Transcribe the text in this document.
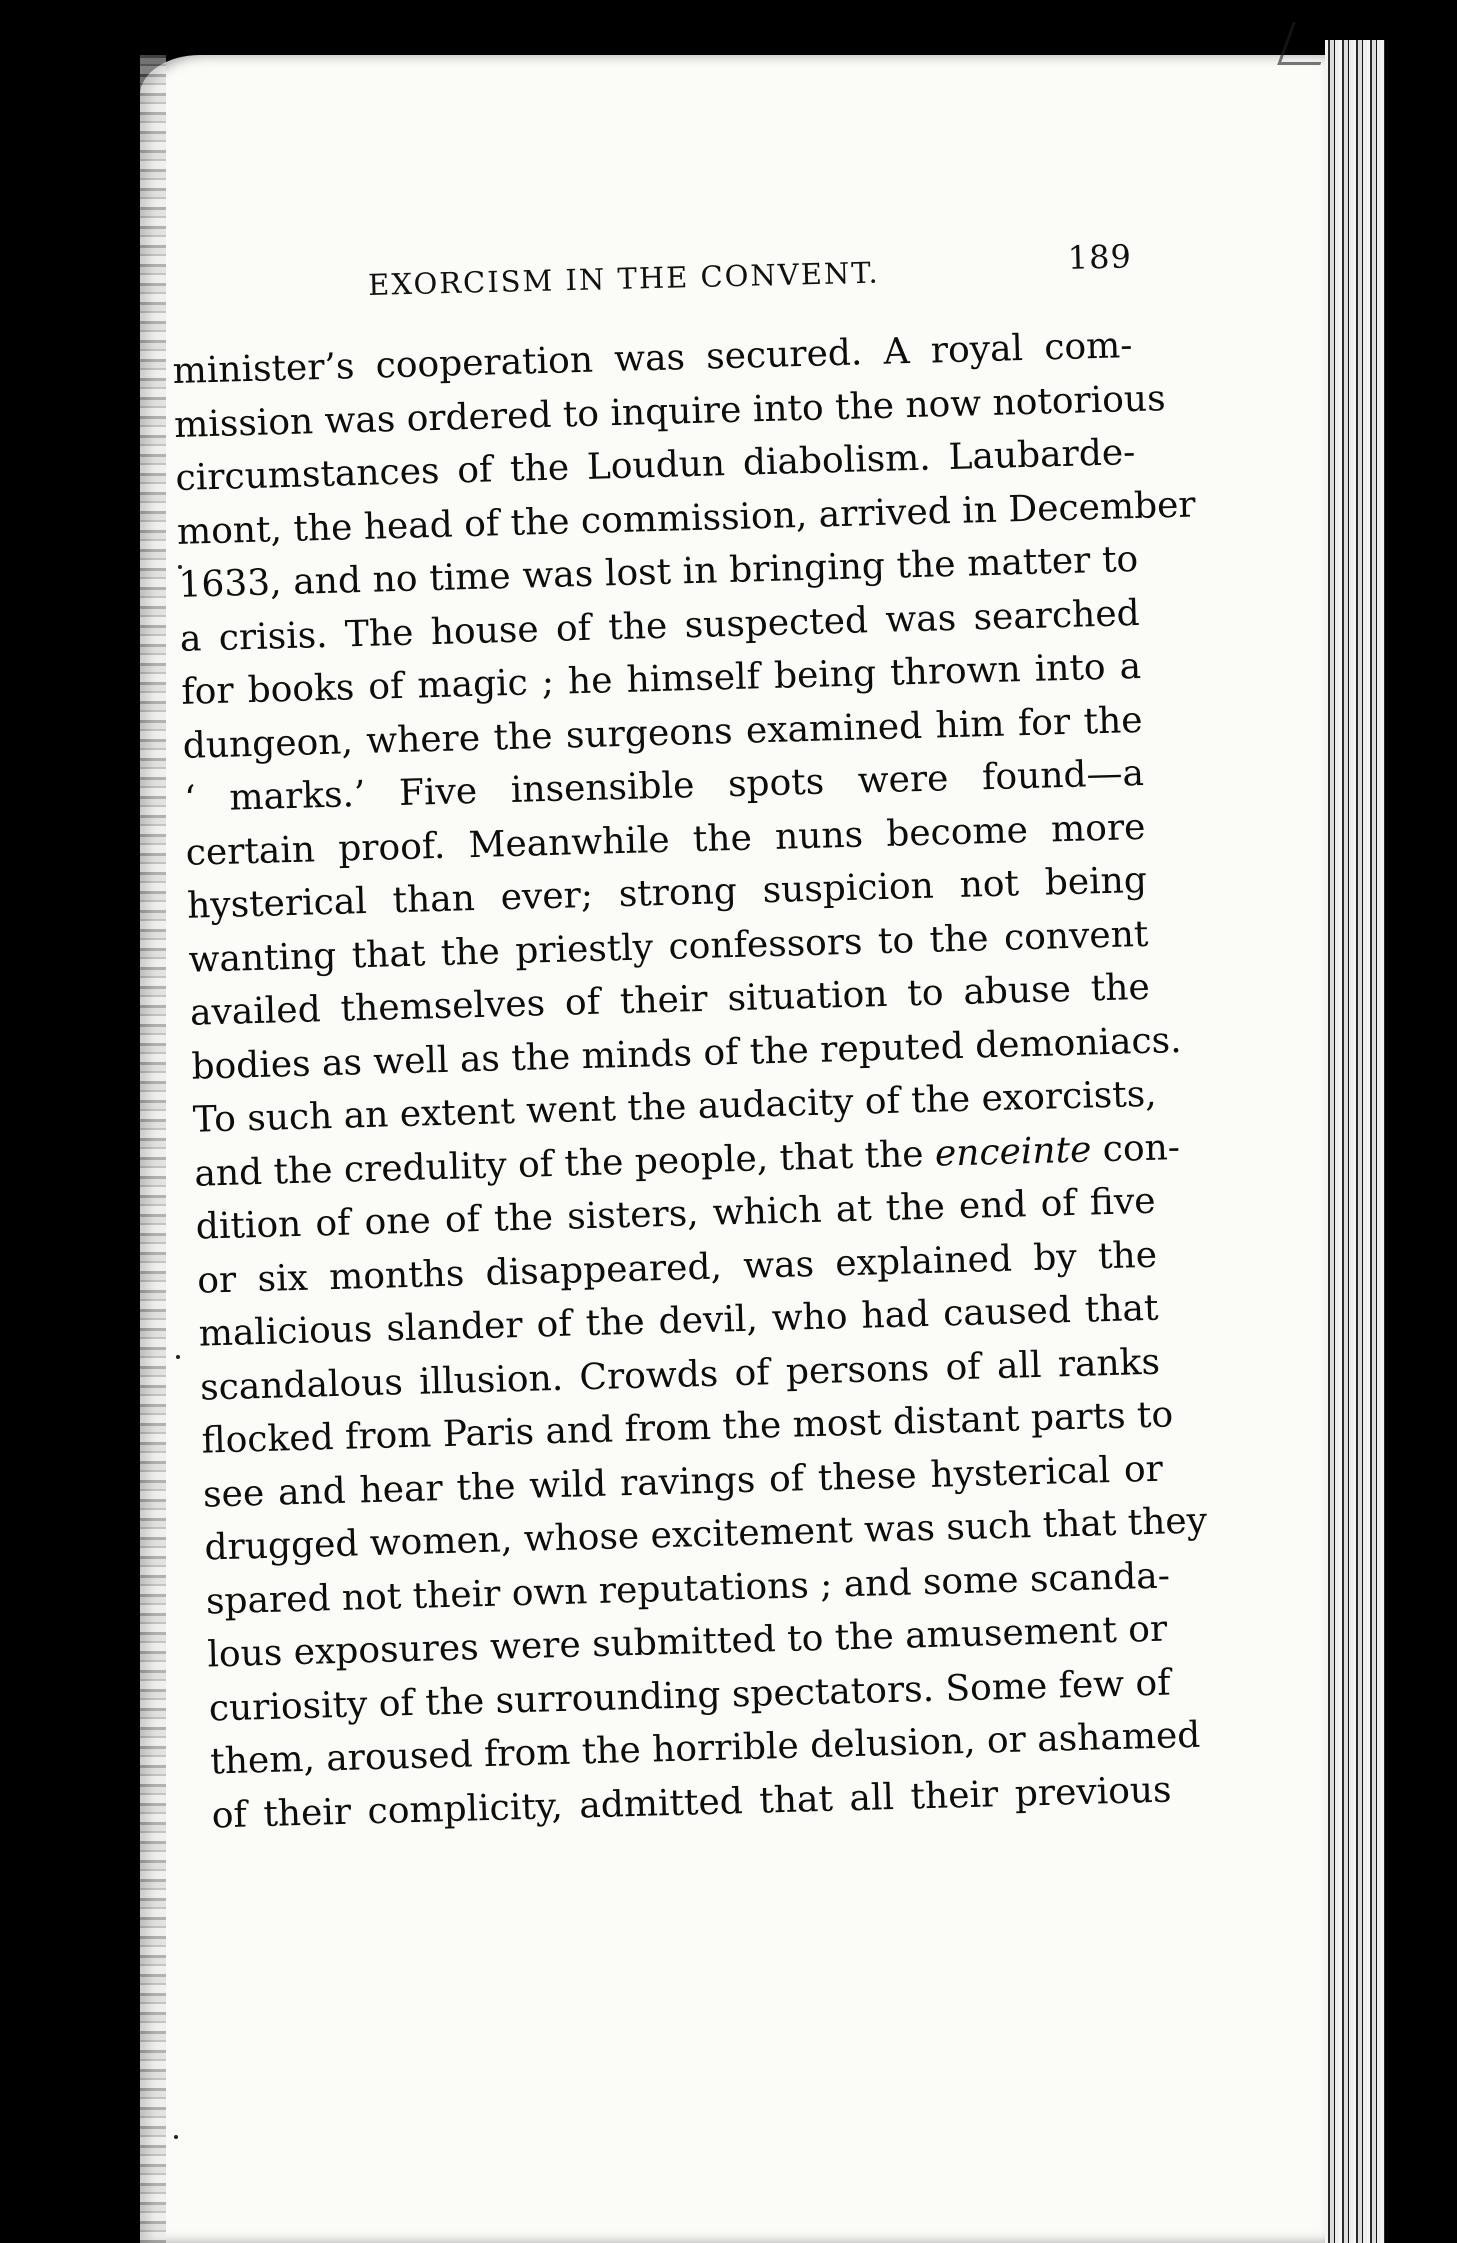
EXORCISM IN THE CONVENT.	189
minister’s cooperation was secured. A royal com-
mission was ordered to inquire into the now notorious
circumstances of the Loudun diabolism. Laubarde-
mont, the head of the commission, arrived in December
1633, and no time was lost in bringing the matter to
a crisis. The house of the suspected was searched
for books of magic ; he himself being thrown into a
dungeon, where the surgeons examined him for the
‘ marks.’ Five insensible spots were found—a
certain proof. Meanwhile the nuns become more
hysterical than ever; strong suspicion not being
wanting that the priestly confessors to the convent
availed themselves of their situation to abuse the
bodies as well as the minds of the reputed demoniacs.
To such an extent went the audacity of the exorcists,
and the credulity of the people, that the enceinte con-
dition of one of the sisters, which at the end of five
or six months disappeared, was explained by the
malicious slander of the devil, who had caused that
scandalous illusion. Crowds of persons of all ranks
flocked from Paris and from the most distant parts to
see and hear the wild ravings of these hysterical or
drugged women, whose excitement was such that they
spared not their own reputations ; and some scanda-
lous exposures were submitted to the amusement or
curiosity of the surrounding spectators. Some few of
them, aroused from the horrible delusion, or ashamed
of their complicity, admitted that all their previous
